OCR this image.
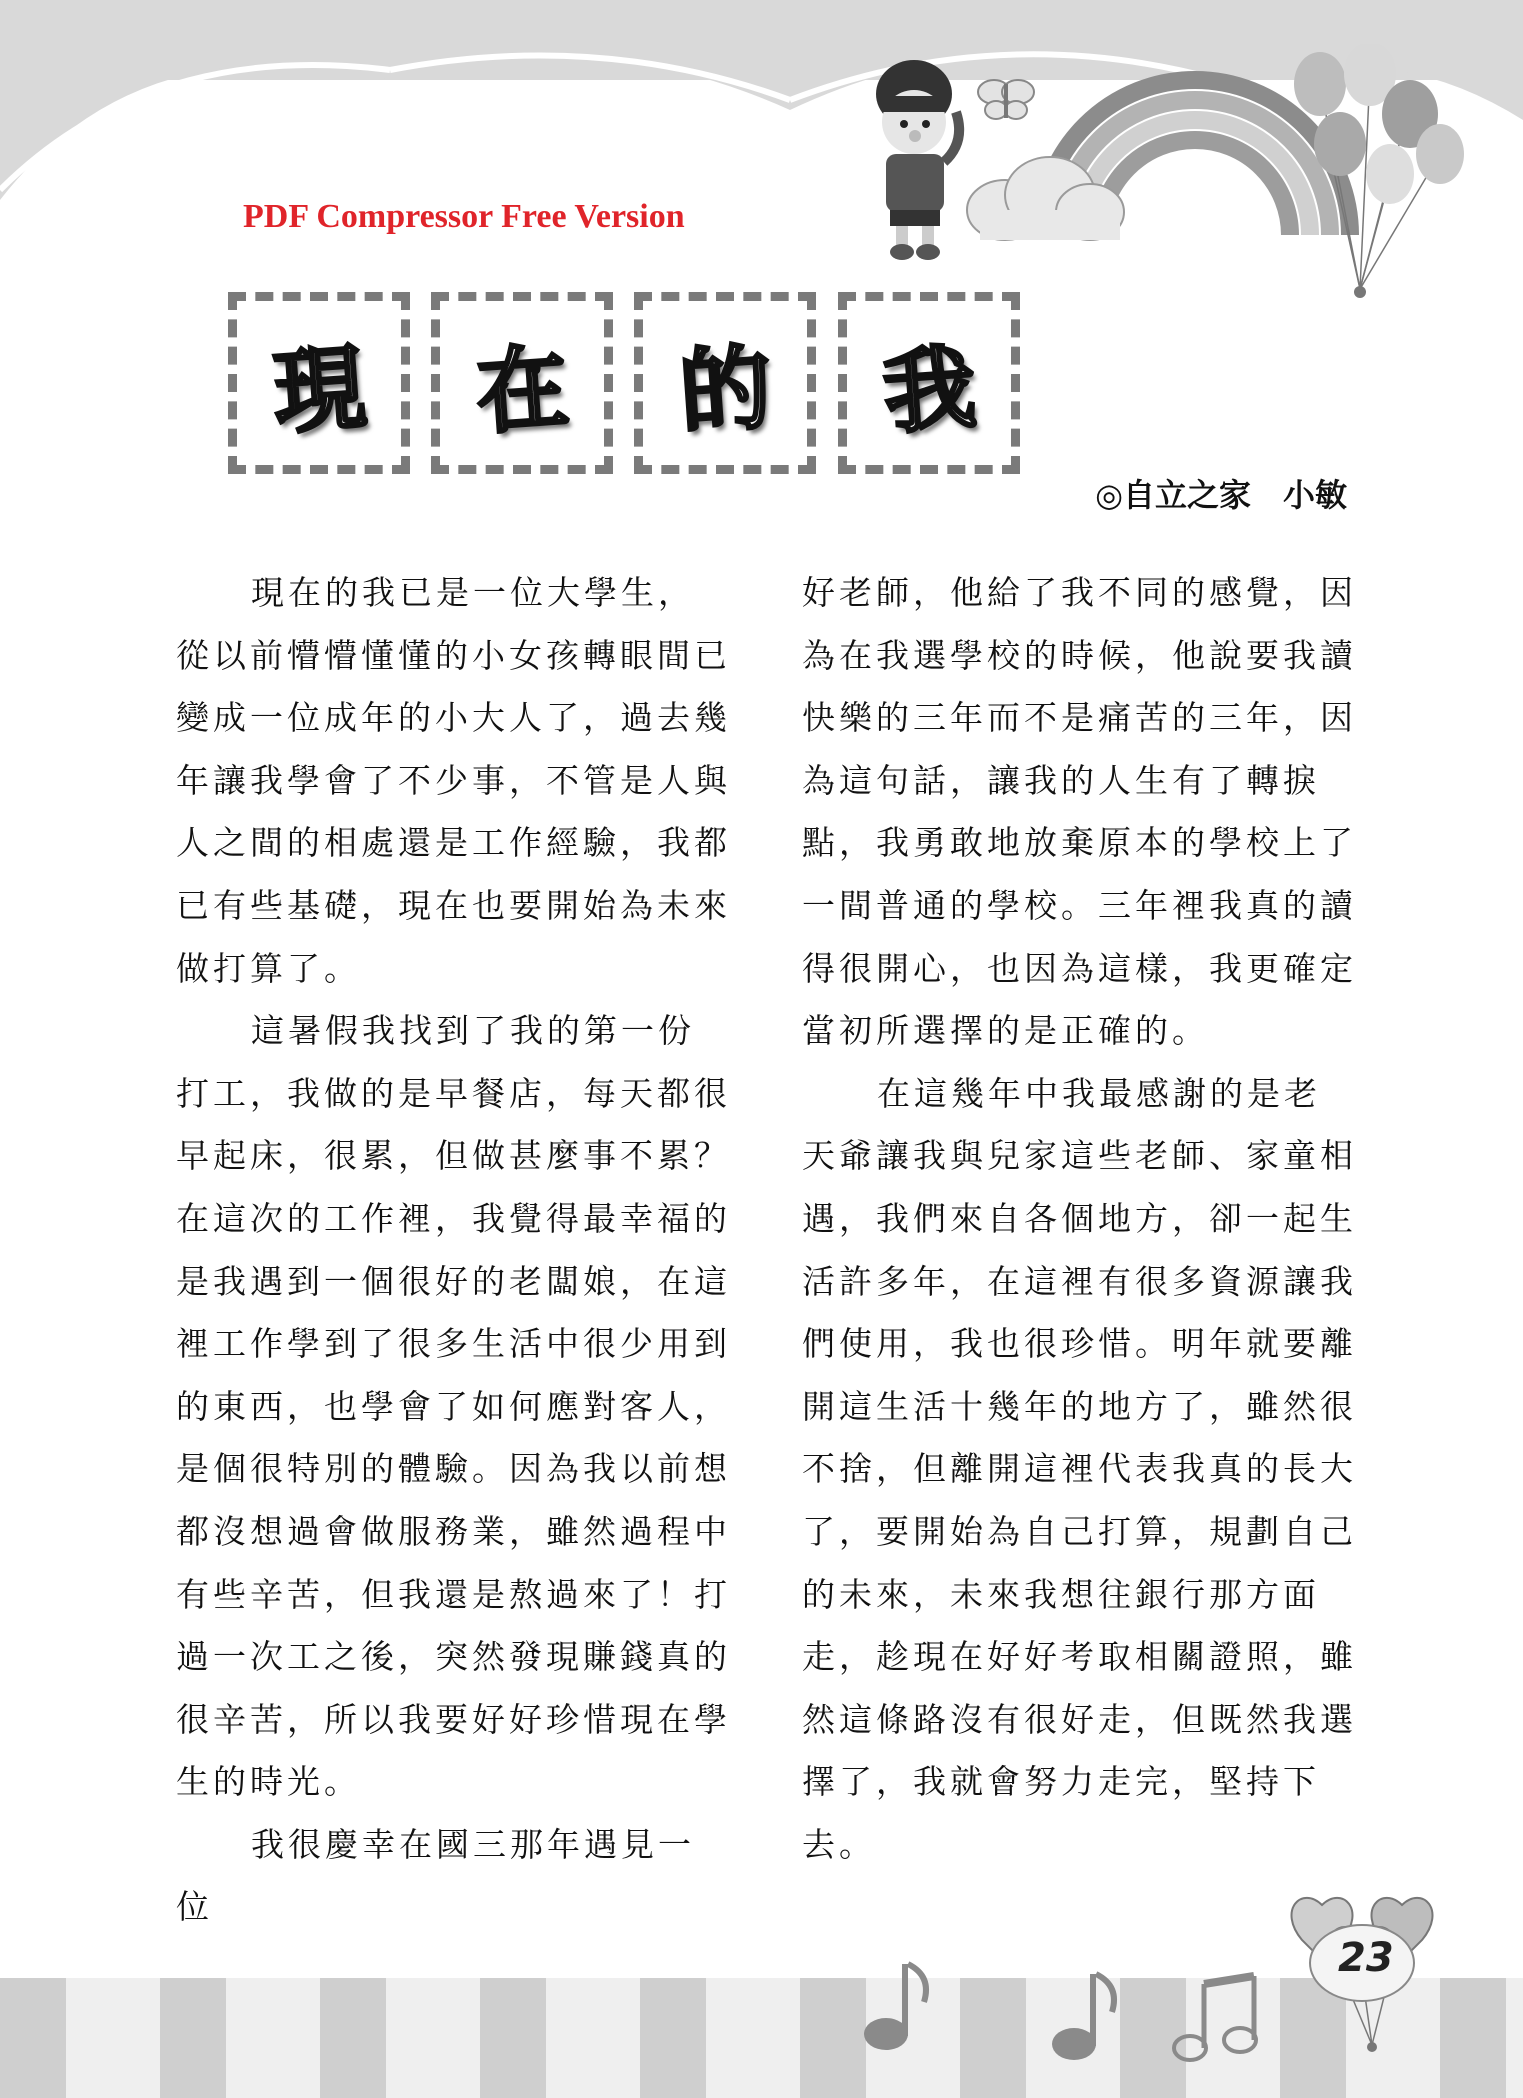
PDF Compressor Free Version
現 在 的 我
◎自立之家　小敏

現在的我已是一位大學生，從以前懵懵懂懂的小女孩轉眼間已變成一位成年的小大人了，過去幾年讓我學會了不少事，不管是人與人之間的相處還是工作經驗，我都已有些基礎，現在也要開始為未來做打算了。

這暑假我找到了我的第一份打工，我做的是早餐店，每天都很早起床，很累，但做甚麼事不累？在這次的工作裡，我覺得最幸福的是我遇到一個很好的老闆娘，在這裡工作學到了很多生活中很少用到的東西，也學會了如何應對客人，是個很特別的體驗。因為我以前想都沒想過會做服務業，雖然過程中有些辛苦，但我還是熬過來了！打過一次工之後，突然發現賺錢真的很辛苦，所以我要好好珍惜現在學生的時光。

我很慶幸在國三那年遇見一位

好老師，他給了我不同的感覺，因為在我選學校的時候，他說要我讀快樂的三年而不是痛苦的三年，因為這句話，讓我的人生有了轉捩點，我勇敢地放棄原本的學校上了一間普通的學校。三年裡我真的讀得很開心，也因為這樣，我更確定當初所選擇的是正確的。

在這幾年中我最感謝的是老天爺讓我與兒家這些老師、家童相遇，我們來自各個地方，卻一起生活許多年，在這裡有很多資源讓我們使用，我也很珍惜。明年就要離開這生活十幾年的地方了，雖然很不捨，但離開這裡代表我真的長大了，要開始為自己打算，規劃自己的未來，未來我想往銀行那方面走，趁現在好好考取相關證照，雖然這條路沒有很好走，但既然我選擇了，我就會努力走完，堅持下去。

23
